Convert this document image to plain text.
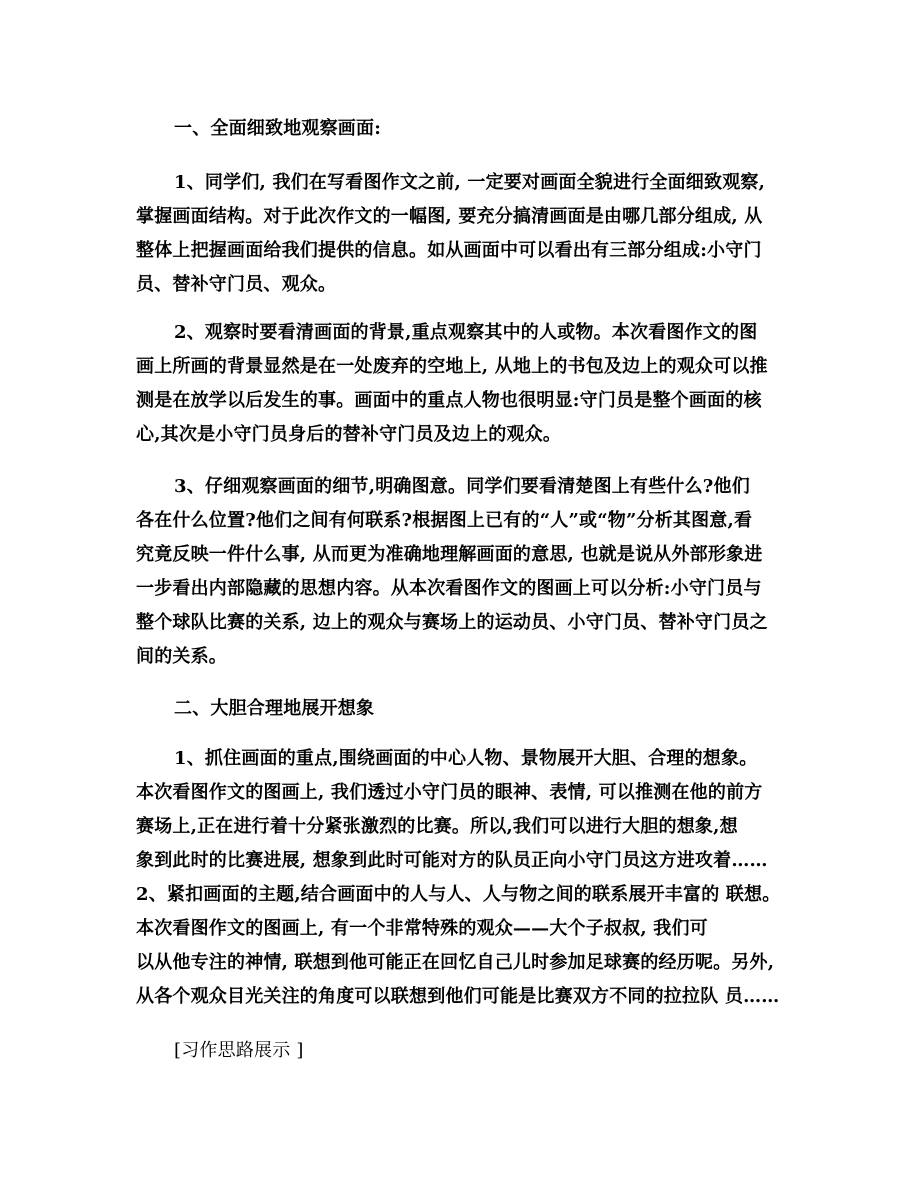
一、全面细致地观察画面:
1、同学们, 我们在写看图作文之前, 一定要对画面全貌进行全面细致观察,
掌握画面结构。对于此次作文的一幅图, 要充分搞清画面是由哪几部分组成, 从
整体上把握画面给我们提供的信息。如从画面中可以看出有三部分组成:小守门
员、替补守门员、观众。
2、观察时要看清画面的背景,重点观察其中的人或物。本次看图作文的图
画上所画的背景显然是在一处废弃的空地上, 从地上的书包及边上的观众可以推
测是在放学以后发生的事。画面中的重点人物也很明显:守门员是整个画面的核
心,其次是小守门员身后的替补守门员及边上的观众。
3、仔细观察画面的细节,明确图意。同学们要看清楚图上有些什么?他们
各在什么位置?他们之间有何联系?根据图上已有的“人”或“物”分析其图意,看
究竟反映一件什么事, 从而更为准确地理解画面的意思, 也就是说从外部形象进
一步看出内部隐藏的思想内容。从本次看图作文的图画上可以分析:小守门员与
整个球队比赛的关系, 边上的观众与赛场上的运动员、小守门员、替补守门员之
间的关系。
二、大胆合理地展开想象
1、抓住画面的重点,围绕画面的中心人物、景物展开大胆、合理的想象。
本次看图作文的图画上, 我们透过小守门员的眼神、表情, 可以推测在他的前方
赛场上,正在进行着十分紧张激烈的比赛。所以,我们可以进行大胆的想象,想
象到此时的比赛进展, 想象到此时可能对方的队员正向小守门员这方进攻着……
2、紧扣画面的主题,结合画面中的人与人、人与物之间的联系展开丰富的 联想。
本次看图作文的图画上, 有一个非常特殊的观众——大个子叔叔, 我们可
以从他专注的神情, 联想到他可能正在回忆自己儿时参加足球赛的经历呢。另外,
从各个观众目光关注的角度可以联想到他们可能是比赛双方不同的拉拉队 员……
[习作思路展示 ]
